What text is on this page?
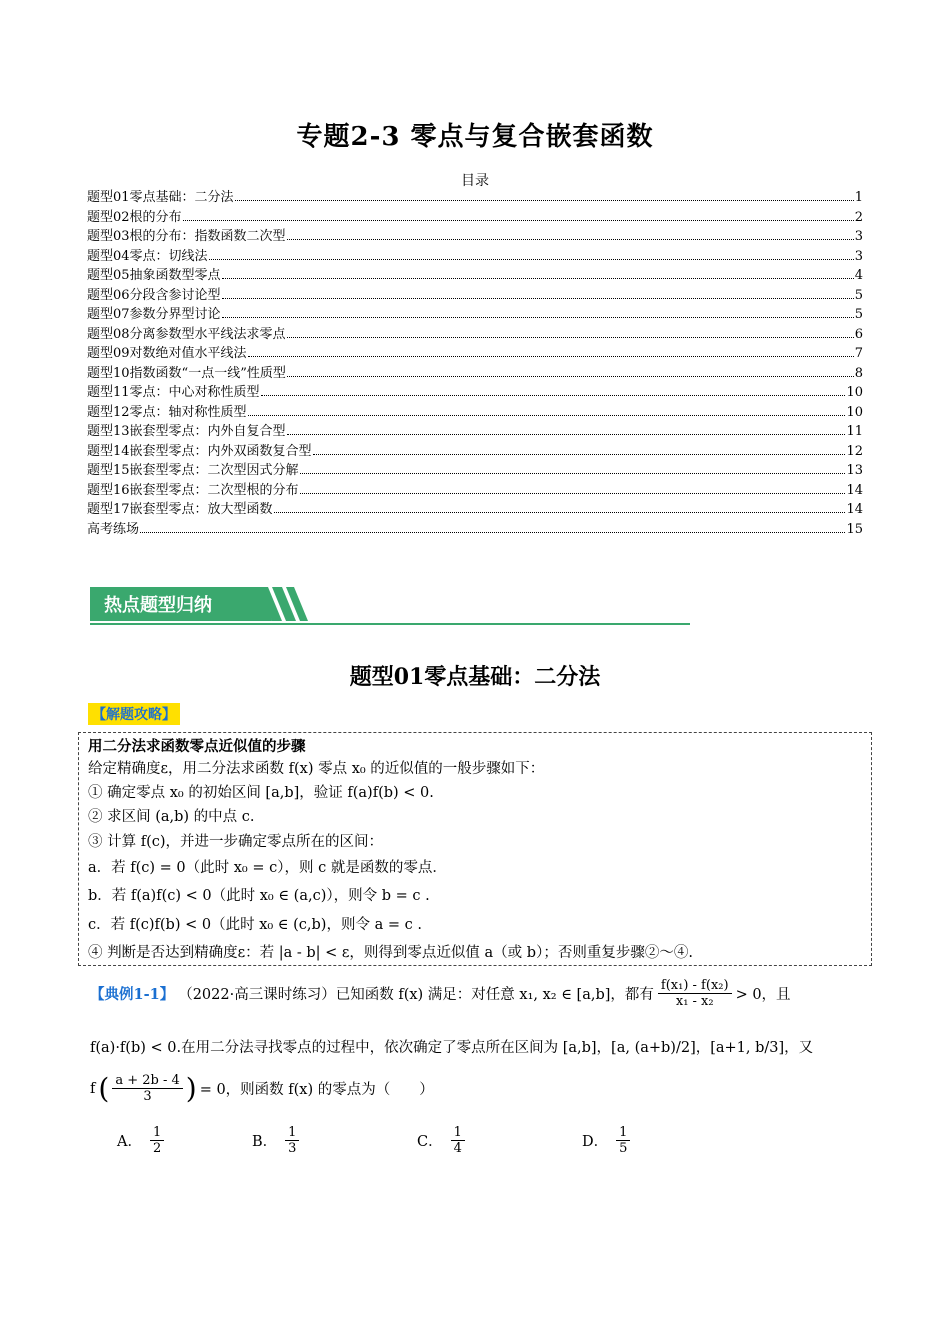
专题2-3 零点与复合嵌套函数
目录
题型01零点基础：二分法	1
题型02根的分布	2
题型03根的分布：指数函数二次型	3
题型04零点：切线法	3
题型05抽象函数型零点	4
题型06分段含参讨论型	5
题型07参数分界型讨论	5
题型08分离参数型水平线法求零点	6
题型09对数绝对值水平线法	7
题型10指数函数“一点一线”性质型	8
题型11零点：中心对称性质型	10
题型12零点：轴对称性质型	10
题型13嵌套型零点：内外自复合型	11
题型14嵌套型零点：内外双函数复合型	12
题型15嵌套型零点：二次型因式分解	13
题型16嵌套型零点：二次型根的分布	14
题型17嵌套型零点：放大型函数	14
高考练场	15
热点题型归纳
题型01零点基础：二分法
【解题攻略】
用二分法求函数零点近似值的步骤
给定精确度ε，用二分法求函数 f(x) 零点 x₀ 的近似值的一般步骤如下：
① 确定零点 x₀ 的初始区间 [a,b]，验证 f(a)f(b) < 0.
② 求区间 (a,b) 的中点 c.
③ 计算 f(c)，并进一步确定零点所在的区间：
a．若 f(c) = 0（此时 x₀ = c），则 c 就是函数的零点．
b．若 f(a)f(c) < 0（此时 x₀ ∈ (a,c)），则令 b = c .
c．若 f(c)f(b) < 0（此时 x₀ ∈ (c,b)，则令 a = c .
④ 判断是否达到精确度ε：若 |a - b| < ε，则得到零点近似值 a（或 b）；否则重复步骤②～④.
【典例1-1】 （2022·高三课时练习）已知函数 f(x) 满足：对任意 x₁, x₂ ∈ [a,b]，都有 $\frac{\text{f(x₁) - f(x₂)}}{\text{x₁ - x₂}} > 0$，且
f(a)·f(b) < 0.在用二分法寻找零点的过程中，依次确定了零点所在区间为 [a,b]，[a, (a+b)/2]，[a+1, b/3]，又
f ( $\frac{a + 2b - 4}{3}$ ) = 0，则函数 f(x) 的零点为（　　）
A． $\frac{1}{2}$	B． $\frac{1}{3}$	C． $\frac{1}{4}$	D． $\frac{1}{5}$
